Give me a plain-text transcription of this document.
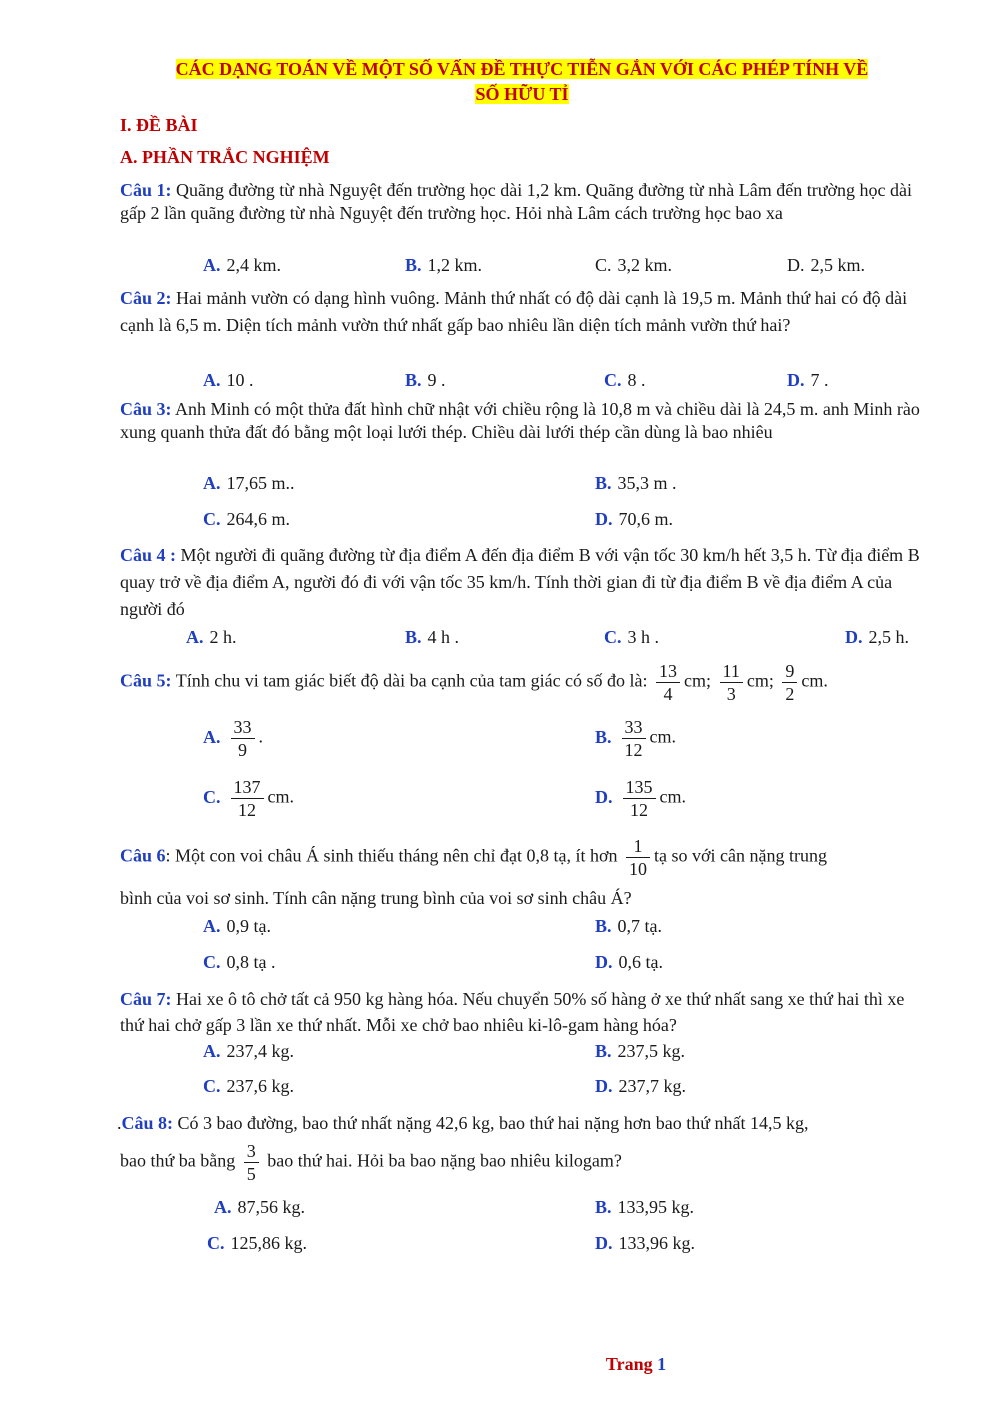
CÁC DẠNG TOÁN VỀ MỘT SỐ VẤN ĐỀ THỰC TIỄN GẮN VỚI CÁC PHÉP TÍNH VỀ
SỐ HỮU TỈ
I. ĐỀ BÀI
A. PHẦN TRẮC NGHIỆM
Câu 1: Quãng đường từ nhà Nguyệt đến trường học dài 1,2 km. Quãng đường từ nhà Lâm đến trường học dài gấp 2 lần quãng đường từ nhà Nguyệt đến trường học. Hỏi nhà Lâm cách trường học bao xa
A. 2,4 km.	B. 1,2 km.	C. 3,2 km.	D. 2,5 km.
Câu 2: Hai mảnh vườn có dạng hình vuông. Mảnh thứ nhất có độ dài cạnh là 19,5 m. Mảnh thứ hai có độ dài cạnh là 6,5 m. Diện tích mảnh vườn thứ nhất gấp bao nhiêu lần diện tích mảnh vườn thứ hai?
A. 10 .	B. 9 .	C. 8 .	D. 7 .
Câu 3: Anh Minh có một thửa đất hình chữ nhật với chiều rộng là 10,8 m và chiều dài là 24,5 m. anh Minh rào xung quanh thửa đất đó bằng một loại lưới thép. Chiều dài lưới thép cần dùng là bao nhiêu
A. 17,65 m..	B. 35,3 m .
C. 264,6 m.	D. 70,6 m.
Câu 4 : Một người đi quãng đường từ địa điểm A đến địa điểm B với vận tốc 30 km/h hết 3,5 h. Từ địa điểm B quay trở về địa điểm A, người đó đi với vận tốc 35 km/h. Tính thời gian đi từ địa điểm B về địa điểm A của người đó
A. 2 h.	B. 4 h .	C. 3 h .	D. 2,5 h.
Câu 5: Tính chu vi tam giác biết độ dài ba cạnh của tam giác có số đo là: $\frac{13}{4}$ cm; $\frac{11}{3}$ cm; $\frac{9}{2}$ cm.
A. $\frac{33}{9}$ .	B. $\frac{33}{12}$ cm.
C. $\frac{137}{12}$ cm.	D. $\frac{135}{12}$ cm.
Câu 6: Một con voi châu Á sinh thiếu tháng nên chỉ đạt 0,8 tạ, ít hơn $\frac{1}{10}$ tạ so với cân nặng trung
bình của voi sơ sinh. Tính cân nặng trung bình của voi sơ sinh châu Á?
A. 0,9 tạ.	B. 0,7 tạ.
C. 0,8 tạ .	D. 0,6 tạ.
Câu 7: Hai xe ô tô chở tất cả 950 kg hàng hóa. Nếu chuyển 50% số hàng ở xe thứ nhất sang xe thứ hai thì xe thứ hai chở gấp 3 lần xe thứ nhất. Mỗi xe chở bao nhiêu ki-lô-gam hàng hóa?
A. 237,4 kg.	B. 237,5 kg.
C. 237,6 kg.	D. 237,7 kg.
.Câu 8: Có 3 bao đường, bao thứ nhất nặng 42,6 kg, bao thứ hai nặng hơn bao thứ nhất 14,5 kg,
bao thứ ba bằng $\frac{3}{5}$ bao thứ hai. Hỏi ba bao nặng bao nhiêu kilogam?
A. 87,56 kg.	B. 133,95 kg.
C. 125,86 kg.	D. 133,96 kg.
Trang 1
